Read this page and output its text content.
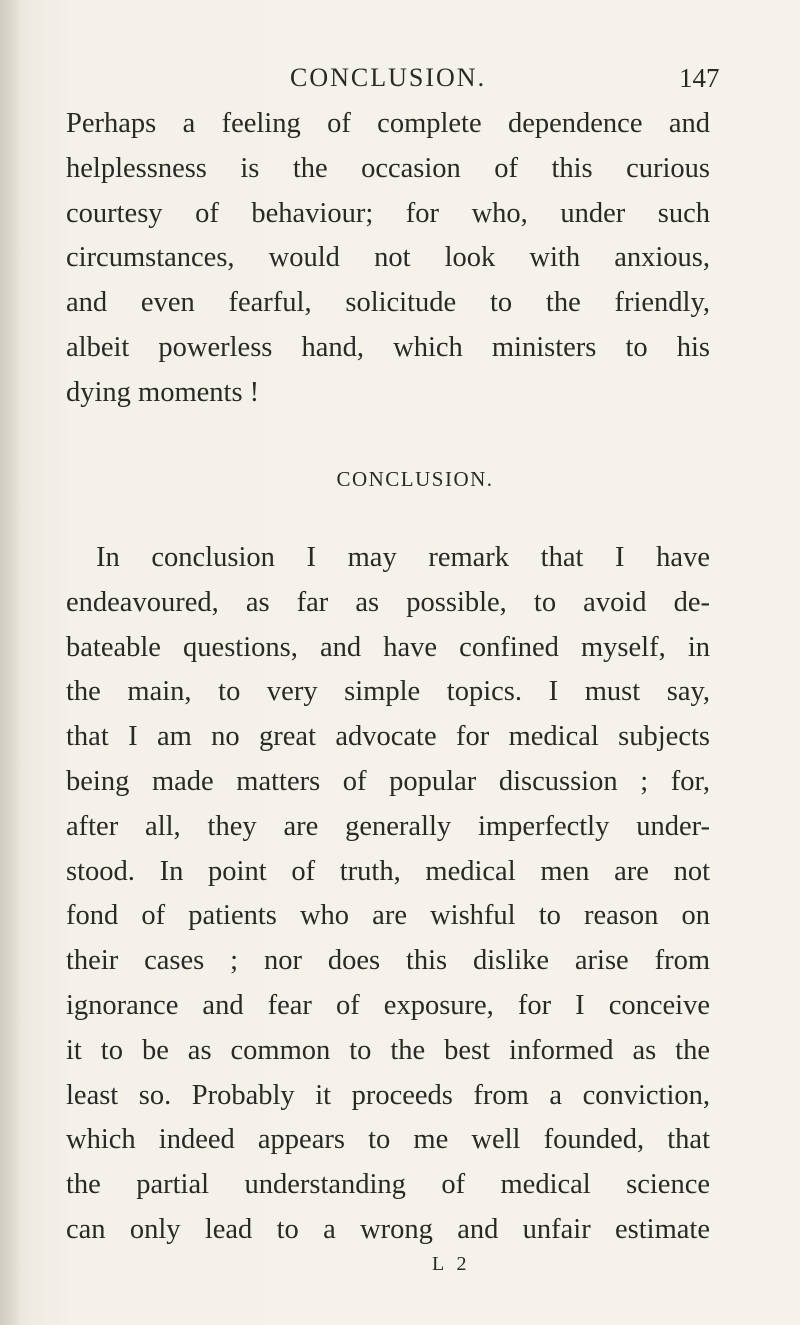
CONCLUSION.	147
Perhaps a feeling of complete dependence and
helplessness is the occasion of this curious
courtesy of behaviour; for who, under such
circumstances, would not look with anxious,
and even fearful, solicitude to the friendly,
albeit powerless hand, which ministers to his
dying moments !
CONCLUSION.
In conclusion I may remark that I have
endeavoured, as far as possible, to avoid de-
bateable questions, and have confined myself, in
the main, to very simple topics. I must say,
that I am no great advocate for medical subjects
being made matters of popular discussion ; for,
after all, they are generally imperfectly under-
stood. In point of truth, medical men are not
fond of patients who are wishful to reason on
their cases ; nor does this dislike arise from
ignorance and fear of exposure, for I conceive
it to be as common to the best informed as the
least so. Probably it proceeds from a conviction,
which indeed appears to me well founded, that
the partial understanding of medical science
can only lead to a wrong and unfair estimate
L 2
